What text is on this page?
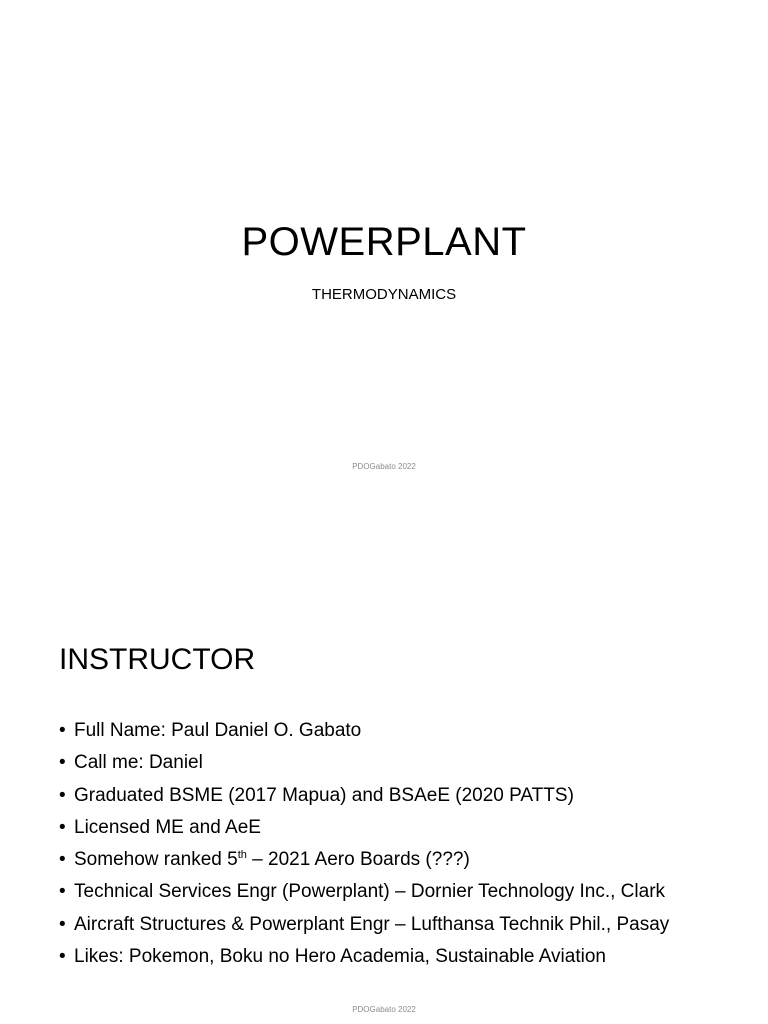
POWERPLANT

THERMODYNAMICS

PDOGabato 2022
INSTRUCTOR
• Full Name: Paul Daniel O. Gabato
• Call me: Daniel
• Graduated BSME (2017 Mapua) and BSAeE (2020 PATTS)
• Licensed ME and AeE
• Somehow ranked 5th – 2021 Aero Boards (???)
• Technical Services Engr (Powerplant) – Dornier Technology Inc., Clark
• Aircraft Structures & Powerplant Engr – Lufthansa Technik Phil., Pasay
• Likes: Pokemon, Boku no Hero Academia, Sustainable Aviation
PDOGabato 2022
